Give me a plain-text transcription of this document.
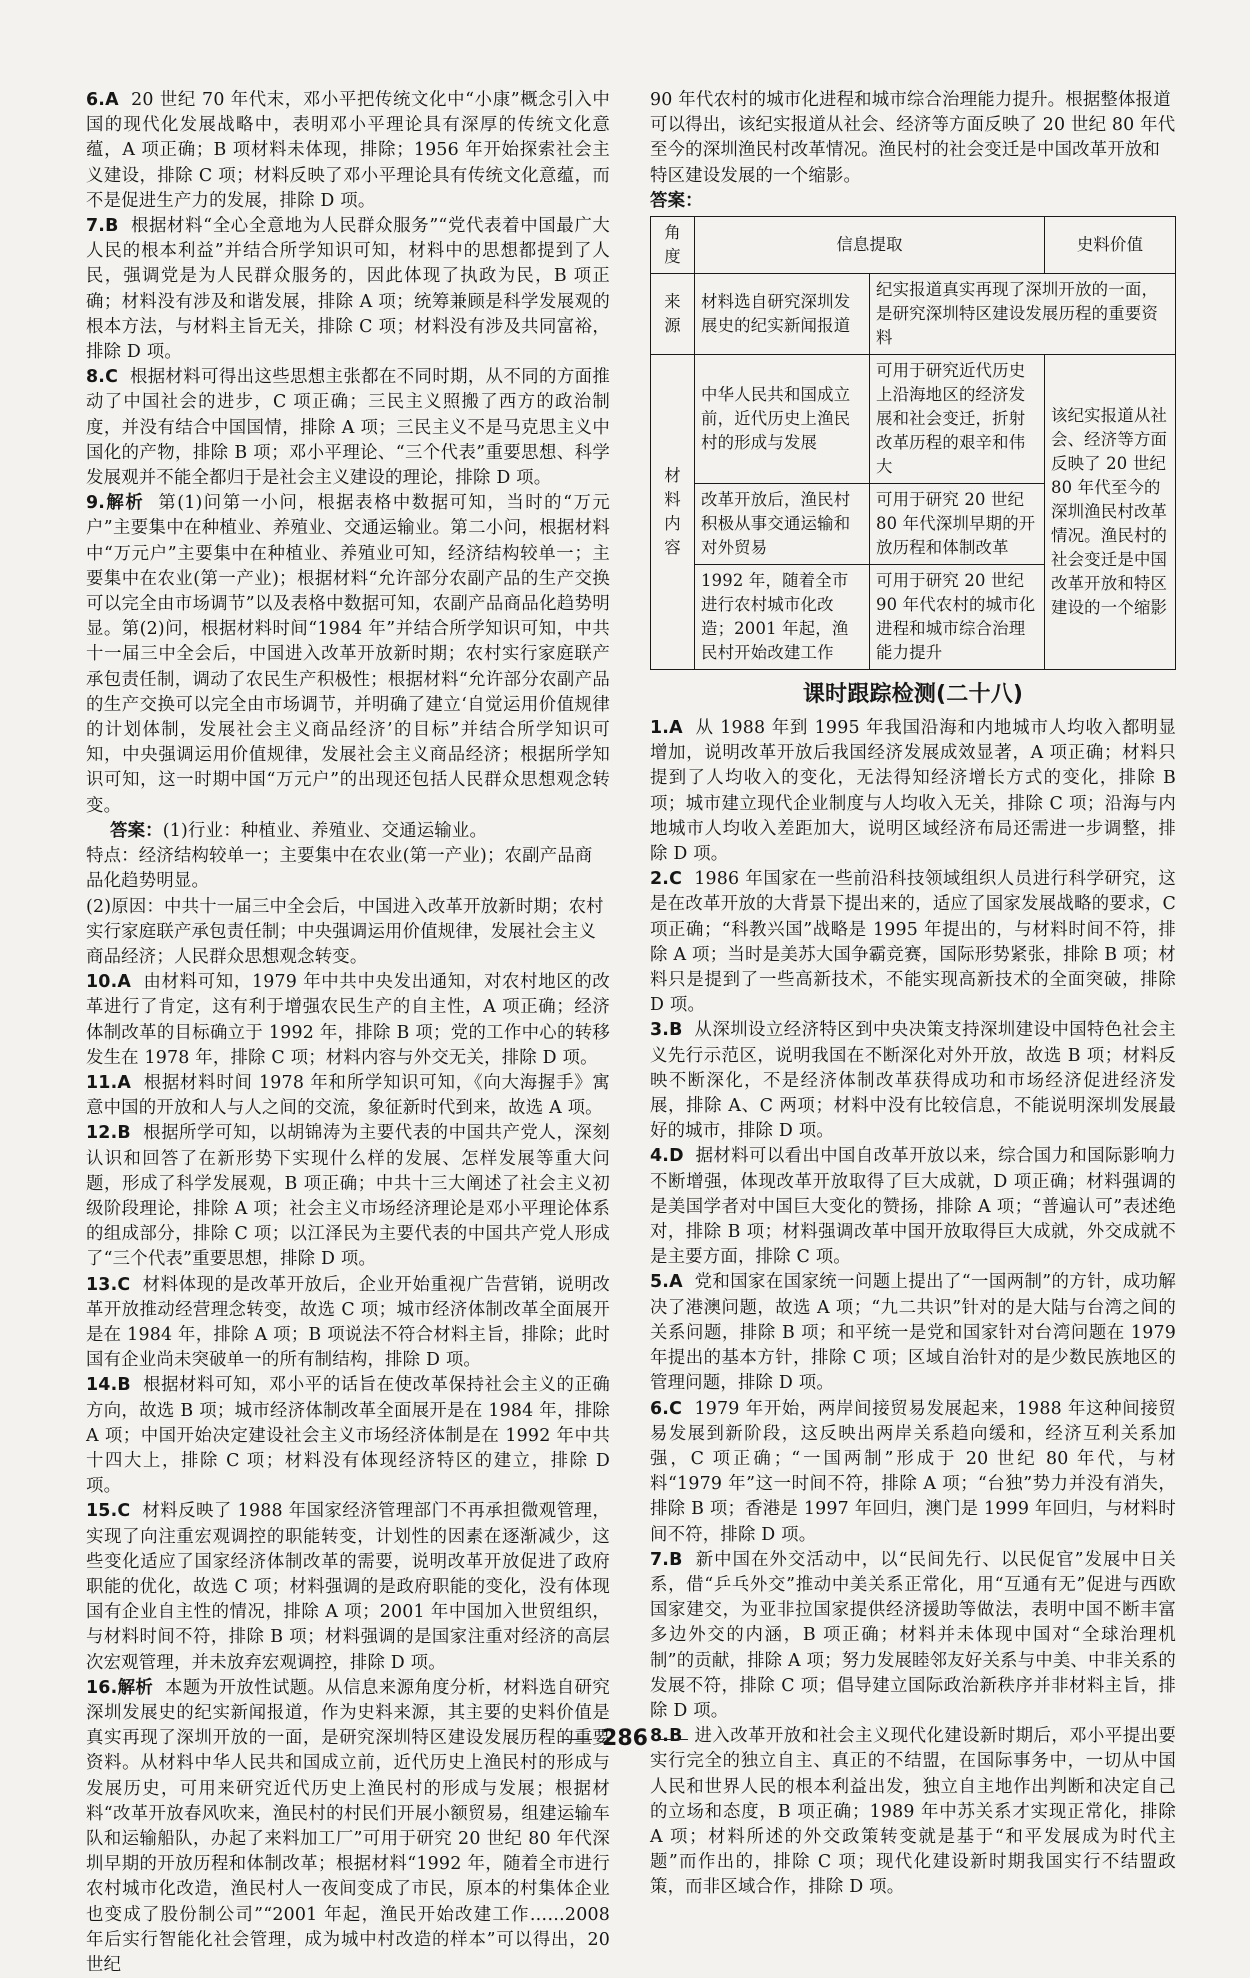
6.A 20 世纪 70 年代末，邓小平把传统文化中“小康”概念引入中国的现代化发展战略中，表明邓小平理论具有深厚的传统文化意蕴，A 项正确；B 项材料未体现，排除；1956 年开始探索社会主义建设，排除 C 项；材料反映了邓小平理论具有传统文化意蕴，而不是促进生产力的发展，排除 D 项。

7.B 根据材料“全心全意地为人民群众服务”“党代表着中国最广大人民的根本利益”并结合所学知识可知，材料中的思想都提到了人民，强调党是为人民群众服务的，因此体现了执政为民，B 项正确；材料没有涉及和谐发展，排除 A 项；统筹兼顾是科学发展观的根本方法，与材料主旨无关，排除 C 项；材料没有涉及共同富裕，排除 D 项。

8.C 根据材料可得出这些思想主张都在不同时期，从不同的方面推动了中国社会的进步，C 项正确；三民主义照搬了西方的政治制度，并没有结合中国国情，排除 A 项；三民主义不是马克思主义中国化的产物，排除 B 项；邓小平理论、“三个代表”重要思想、科学发展观并不能全都归于是社会主义建设的理论，排除 D 项。

9.解析 第(1)问第一小问，根据表格中数据可知，当时的“万元户”主要集中在种植业、养殖业、交通运输业。第二小问，根据材料中“万元户”主要集中在种植业、养殖业可知，经济结构较单一；主要集中在农业(第一产业)；根据材料“允许部分农副产品的生产交换可以完全由市场调节”以及表格中数据可知，农副产品商品化趋势明显。第(2)问，根据材料时间“1984 年”并结合所学知识可知，中共十一届三中全会后，中国进入改革开放新时期；农村实行家庭联产承包责任制，调动了农民生产积极性；根据材料“允许部分农副产品的生产交换可以完全由市场调节，并明确了建立‘自觉运用价值规律的计划体制，发展社会主义商品经济’的目标”并结合所学知识可知，中央强调运用价值规律，发展社会主义商品经济；根据所学知识可知，这一时期中国“万元户”的出现还包括人民群众思想观念转变。

答案：(1)行业：种植业、养殖业、交通运输业。

特点：经济结构较单一；主要集中在农业(第一产业)；农副产品商品化趋势明显。

(2)原因：中共十一届三中全会后，中国进入改革开放新时期；农村实行家庭联产承包责任制；中央强调运用价值规律，发展社会主义商品经济；人民群众思想观念转变。

10.A 由材料可知，1979 年中共中央发出通知，对农村地区的改革进行了肯定，这有利于增强农民生产的自主性，A 项正确；经济体制改革的目标确立于 1992 年，排除 B 项；党的工作中心的转移发生在 1978 年，排除 C 项；材料内容与外交无关，排除 D 项。

11.A 根据材料时间 1978 年和所学知识可知，《向大海握手》寓意中国的开放和人与人之间的交流，象征新时代到来，故选 A 项。

12.B 根据所学可知，以胡锦涛为主要代表的中国共产党人，深刻认识和回答了在新形势下实现什么样的发展、怎样发展等重大问题，形成了科学发展观，B 项正确；中共十三大阐述了社会主义初级阶段理论，排除 A 项；社会主义市场经济理论是邓小平理论体系的组成部分，排除 C 项；以江泽民为主要代表的中国共产党人形成了“三个代表”重要思想，排除 D 项。

13.C 材料体现的是改革开放后，企业开始重视广告营销，说明改革开放推动经营理念转变，故选 C 项；城市经济体制改革全面展开是在 1984 年，排除 A 项；B 项说法不符合材料主旨，排除；此时国有企业尚未突破单一的所有制结构，排除 D 项。

14.B 根据材料可知，邓小平的话旨在使改革保持社会主义的正确方向，故选 B 项；城市经济体制改革全面展开是在 1984 年，排除 A 项；中国开始决定建设社会主义市场经济体制是在 1992 年中共十四大上，排除 C 项；材料没有体现经济特区的建立，排除 D 项。

15.C 材料反映了 1988 年国家经济管理部门不再承担微观管理，实现了向注重宏观调控的职能转变，计划性的因素在逐渐减少，这些变化适应了国家经济体制改革的需要，说明改革开放促进了政府职能的优化，故选 C 项；材料强调的是政府职能的变化，没有体现国有企业自主性的情况，排除 A 项；2001 年中国加入世贸组织，与材料时间不符，排除 B 项；材料强调的是国家注重对经济的高层次宏观管理，并未放弃宏观调控，排除 D 项。

16.解析 本题为开放性试题。从信息来源角度分析，材料选自研究深圳发展史的纪实新闻报道，作为史料来源，其主要的史料价值是真实再现了深圳开放的一面，是研究深圳特区建设发展历程的重要资料。从材料中华人民共和国成立前，近代历史上渔民村的形成与发展历史，可用来研究近代历史上渔民村的形成与发展；根据材料“改革开放春风吹来，渔民村的村民们开展小额贸易，组建运输车队和运输船队，办起了来料加工厂”可用于研究 20 世纪 80 年代深圳早期的开放历程和体制改革；根据材料“1992 年，随着全市进行农村城市化改造，渔民村人一夜间变成了市民，原本的村集体企业也变成了股份制公司”“2001 年起，渔民开始改建工作……2008 年后实行智能化社会管理，成为城中村改造的样本”可以得出，20 世纪

90 年代农村的城市化进程和城市综合治理能力提升。根据整体报道可以得出，该纪实报道从社会、经济等方面反映了 20 世纪 80 年代至今的深圳渔民村改革情况。渔民村的社会变迁是中国改革开放和特区建设发展的一个缩影。

答案：

角度	信息提取		史料价值
来源	材料选自研究深圳发展史的纪实新闻报道	纪实报道真实再现了深圳开放的一面，是研究深圳特区建设发展历程的重要资料	
材料内容	中华人民共和国成立前，近代历史上渔民村的形成与发展	可用于研究近代历史上沿海地区的经济发展和社会变迁，折射改革历程的艰辛和伟大	该纪实报道从社会、经济等方面反映了 20 世纪 80 年代至今的深圳渔民村改革情况。渔民村的社会变迁是中国改革开放和特区建设的一个缩影
	改革开放后，渔民村积极从事交通运输和对外贸易	可用于研究 20 世纪 80 年代深圳早期的开放历程和体制改革	
	1992 年，随着全市进行农村城市化改造；2001 年起，渔民村开始改建工作	可用于研究 20 世纪 90 年代农村的城市化进程和城市综合治理能力提升	
课时跟踪检测(二十八)

1.A 从 1988 年到 1995 年我国沿海和内地城市人均收入都明显增加，说明改革开放后我国经济发展成效显著，A 项正确；材料只提到了人均收入的变化，无法得知经济增长方式的变化，排除 B 项；城市建立现代企业制度与人均收入无关，排除 C 项；沿海与内地城市人均收入差距加大，说明区域经济布局还需进一步调整，排除 D 项。

2.C 1986 年国家在一些前沿科技领域组织人员进行科学研究，这是在改革开放的大背景下提出来的，适应了国家发展战略的要求，C 项正确；“科教兴国”战略是 1995 年提出的，与材料时间不符，排除 A 项；当时是美苏大国争霸竞赛，国际形势紧张，排除 B 项；材料只是提到了一些高新技术，不能实现高新技术的全面突破，排除 D 项。

3.B 从深圳设立经济特区到中央决策支持深圳建设中国特色社会主义先行示范区，说明我国在不断深化对外开放，故选 B 项；材料反映不断深化，不是经济体制改革获得成功和市场经济促进经济发展，排除 A、C 两项；材料中没有比较信息，不能说明深圳发展最好的城市，排除 D 项。

4.D 据材料可以看出中国自改革开放以来，综合国力和国际影响力不断增强，体现改革开放取得了巨大成就，D 项正确；材料强调的是美国学者对中国巨大变化的赞扬，排除 A 项；“普遍认可”表述绝对，排除 B 项；材料强调改革中国开放取得巨大成就，外交成就不是主要方面，排除 C 项。

5.A 党和国家在国家统一问题上提出了“一国两制”的方针，成功解决了港澳问题，故选 A 项；“九二共识”针对的是大陆与台湾之间的关系问题，排除 B 项；和平统一是党和国家针对台湾问题在 1979 年提出的基本方针，排除 C 项；区域自治针对的是少数民族地区的管理问题，排除 D 项。

6.C 1979 年开始，两岸间接贸易发展起来，1988 年这种间接贸易发展到新阶段，这反映出两岸关系趋向缓和，经济互利关系加强，C 项正确；“一国两制”形成于 20 世纪 80 年代，与材料“1979 年”这一时间不符，排除 A 项；“台独”势力并没有消失，排除 B 项；香港是 1997 年回归，澳门是 1999 年回归，与材料时间不符，排除 D 项。

7.B 新中国在外交活动中，以“民间先行、以民促官”发展中日关系，借“乒乓外交”推动中美关系正常化，用“互通有无”促进与西欧国家建交，为亚非拉国家提供经济援助等做法，表明中国不断丰富多边外交的内涵，B 项正确；材料并未体现中国对“全球治理机制”的贡献，排除 A 项；努力发展睦邻友好关系与中美、中非关系的发展不符，排除 C 项；倡导建立国际政治新秩序并非材料主旨，排除 D 项。

8.B 进入改革开放和社会主义现代化建设新时期后，邓小平提出要实行完全的独立自主、真正的不结盟，在国际事务中，一切从中国人民和世界人民的根本利益出发，独立自主地作出判断和决定自己的立场和态度，B 项正确；1989 年中苏关系才实现正常化，排除 A 项；材料所述的外交政策转变就是基于“和平发展成为时代主题”而作出的，排除 C 项；现代化建设新时期我国实行不结盟政策，而非区域合作，排除 D 项。

286
